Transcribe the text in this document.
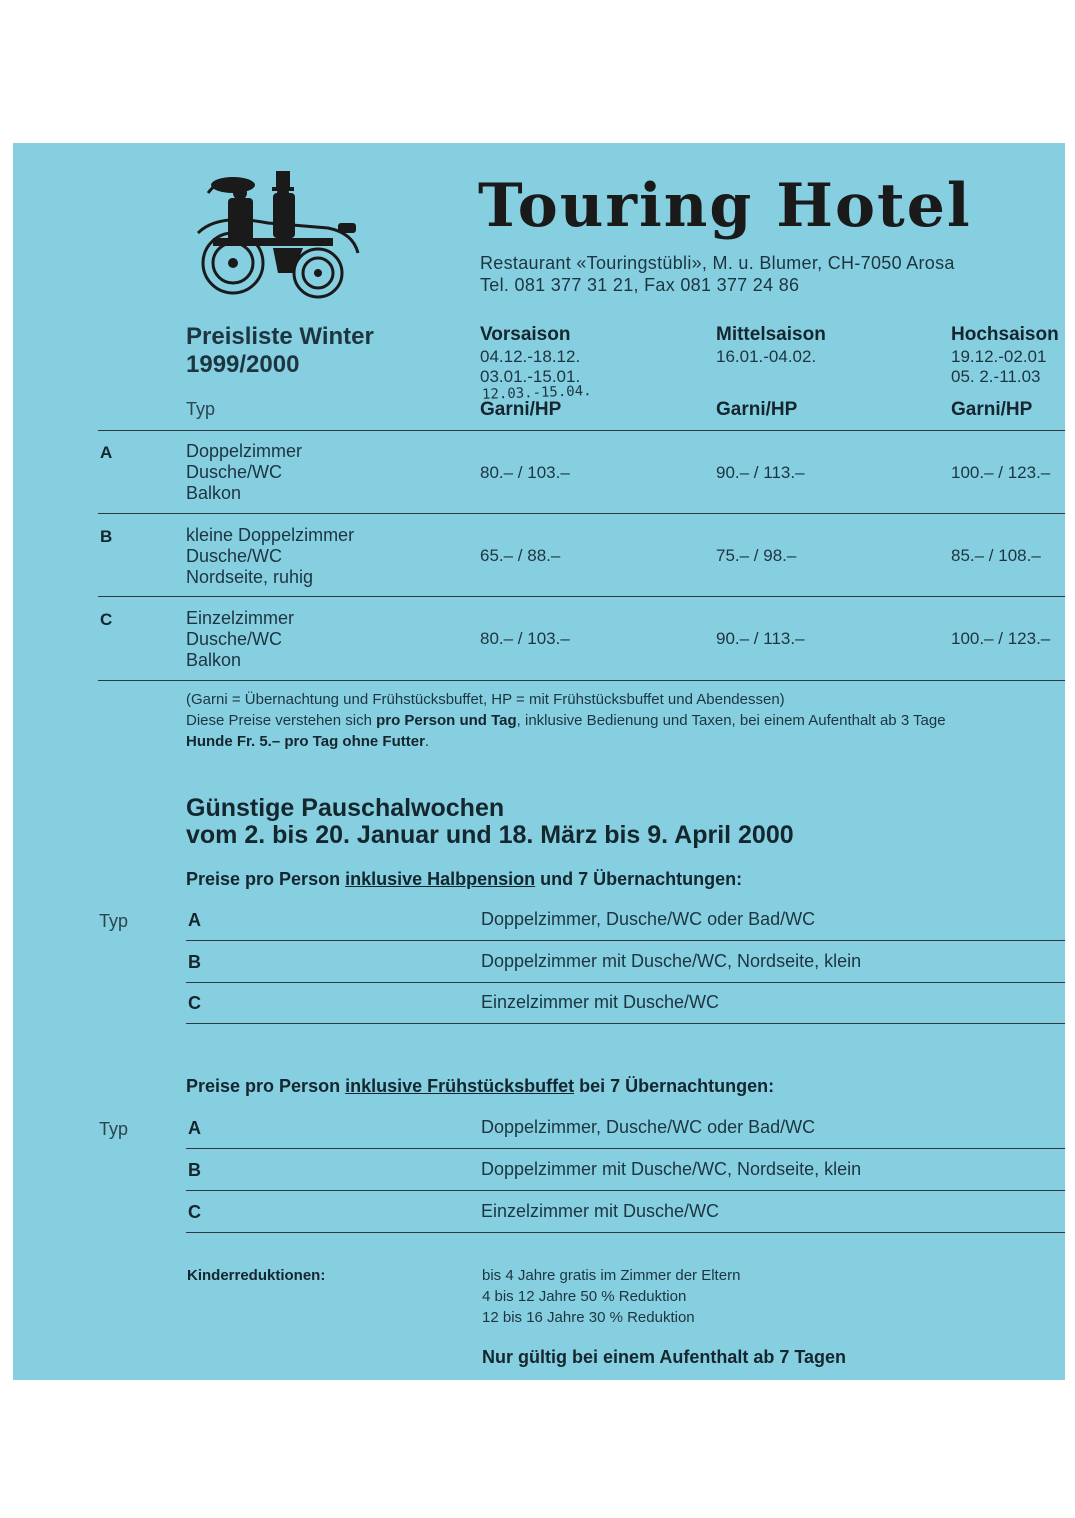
Touring Hotel
Restaurant «Touringstübli», M. u. Blumer, CH-7050 Arosa
Tel. 081 377 31 21, Fax 081 377 24 86
Preisliste Winter
1999/2000
Typ
Vorsaison
04.12.-18.12.
03.01.-15.01.
12.03.-15.04.
Garni/HP
Mittelsaison
16.01.-04.02.
Garni/HP
Hochsaison
19.12.-02.01
05. 2.-11.03
Garni/HP
A	Doppelzimmer
Dusche/WC
Balkon
80.– / 103.–	90.– / 113.–	100.– / 123.–
B	kleine Doppelzimmer
Dusche/WC
Nordseite, ruhig
65.– / 88.–	75.– / 98.–	85.– / 108.–
C	Einzelzimmer
Dusche/WC
Balkon
80.– / 103.–	90.– / 113.–	100.– / 123.–
(Garni = Übernachtung und Frühstücksbuffet, HP = mit Frühstücksbuffet und Abendessen)
Diese Preise verstehen sich pro Person und Tag, inklusive Bedienung und Taxen, bei einem Aufenthalt ab 3 Tage
Hunde Fr. 5.– pro Tag ohne Futter.
Günstige Pauschalwochen
vom 2. bis 20. Januar und 18. März bis 9. April 2000
Preise pro Person inklusive Halbpension und 7 Übernachtungen:
Typ	A	Doppelzimmer, Dusche/WC oder Bad/WC
B	Doppelzimmer mit Dusche/WC, Nordseite, klein
C	Einzelzimmer mit Dusche/WC
Preise pro Person inklusive Frühstücksbuffet bei 7 Übernachtungen:
Typ	A	Doppelzimmer, Dusche/WC oder Bad/WC
B	Doppelzimmer mit Dusche/WC, Nordseite, klein
C	Einzelzimmer mit Dusche/WC
Kinderreduktionen:	bis 4 Jahre gratis im Zimmer der Eltern
4 bis 12 Jahre 50 % Reduktion
12 bis 16 Jahre 30 % Reduktion
Nur gültig bei einem Aufenthalt ab 7 Tagen
